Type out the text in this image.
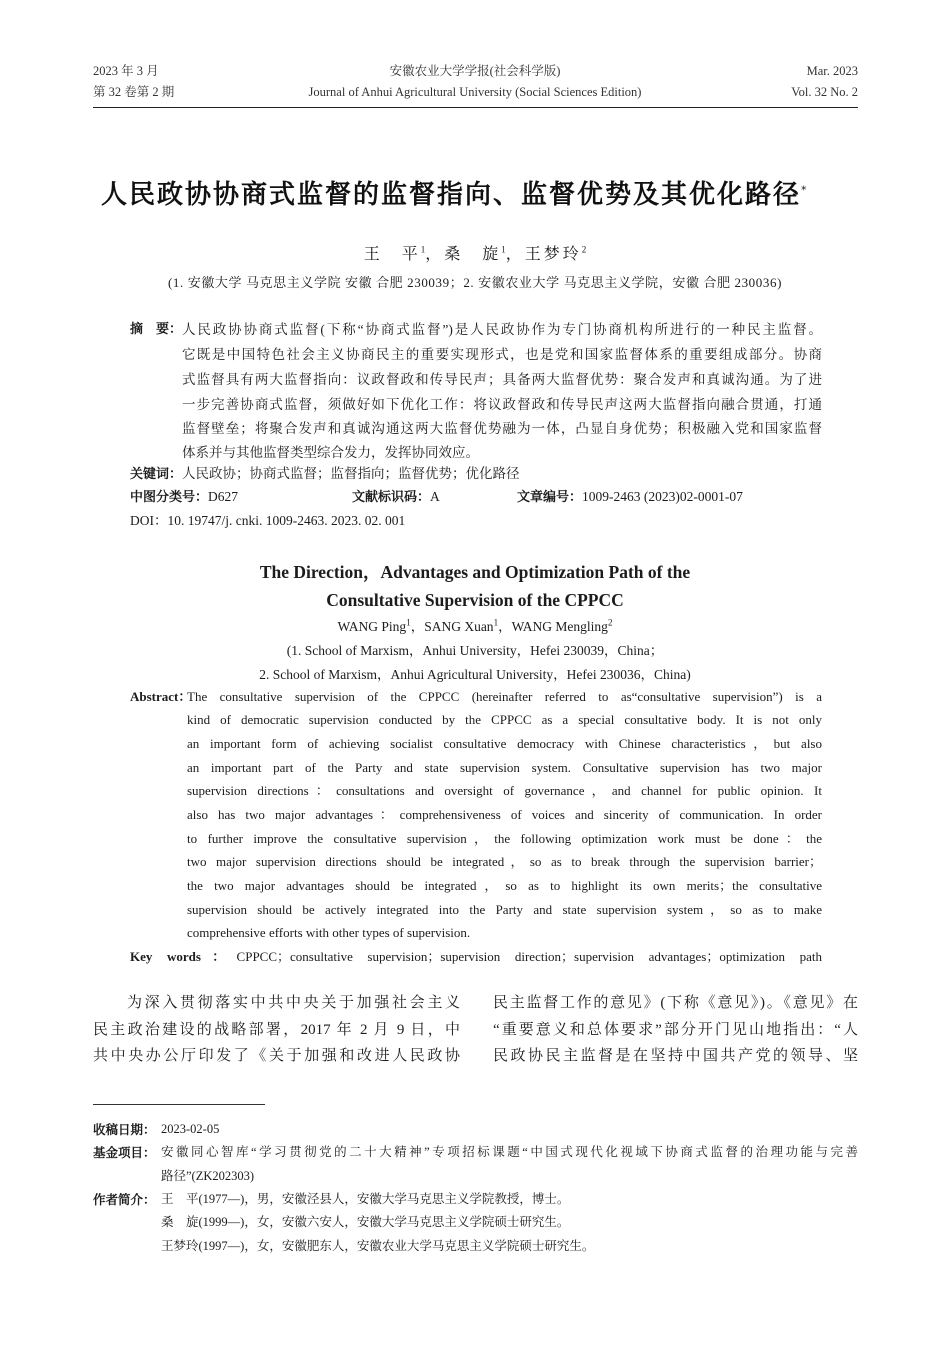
2023 年 3 月
第 32 卷第 2 期
安徽农业大学学报(社会科学版)
Journal of Anhui Agricultural University (Social Sciences Edition)
Mar. 2023
Vol. 32 No. 2
人民政协协商式监督的监督指向、监督优势及其优化路径*
王　平$^1$，桑　旋$^1$，王梦玲$^2$
(1. 安徽大学 马克思主义学院 安徽 合肥 230039；2. 安徽农业大学 马克思主义学院，安徽 合肥 230036)
摘　要： 人民政协协商式监督(下称“协商式监督”)是人民政协作为专门协商机构所进行的一种民主监督。
它既是中国特色社会主义协商民主的重要实现形式，也是党和国家监督体系的重要组成部分。协商
式监督具有两大监督指向：议政督政和传导民声；具备两大监督优势：聚合发声和真诚沟通。为了进
一步完善协商式监督，须做好如下优化工作：将议政督政和传导民声这两大监督指向融合贯通，打通
监督壁垒；将聚合发声和真诚沟通这两大监督优势融为一体，凸显自身优势；积极融入党和国家监督
体系并与其他监督类型综合发力，发挥协同效应。
关键词：人民政协；协商式监督；监督指向；监督优势；优化路径
中图分类号：D627	文献标识码：A	文章编号：1009-2463 (2023)02-0001-07
DOI：10. 19747/j. cnki. 1009-2463. 2023. 02. 001
The Direction，Advantages and Optimization Path of the
Consultative Supervision of the CPPCC
WANG Ping$^1$，SANG Xuan$^1$，WANG Mengling$^2$
(1. School of Marxism，Anhui University，Hefei 230039，China；
2. School of Marxism，Anhui Agricultural University，Hefei 230036，China)
Abstract：
The consultative supervision of the CPPCC (hereinafter referred to as“consultative supervision”) is a
kind of democratic supervision conducted by the CPPCC as a special consultative body. It is not only
an important form of achieving socialist consultative democracy with Chinese characteristics，but also
an important part of the Party and state supervision system. Consultative supervision has two major
supervision directions：consultations and oversight of governance，and channel for public opinion. It
also has two major advantages：comprehensiveness of voices and sincerity of communication. In order
to further improve the consultative supervision，the following optimization work must be done：the
two major supervision directions should be integrated，so as to break through the supervision barrier；
the two major advantages should be integrated，so as to highlight its own merits；the consultative
supervision should be actively integrated into the Party and state supervision system，so as to make
comprehensive efforts with other types of supervision.
Key words：CPPCC；consultative supervision；supervision direction；supervision advantages；optimization path
为深入贯彻落实中共中央关于加强社会主义
民主政治建设的战略部署，2017 年 2 月 9 日，中
共中央办公厅印发了《关于加强和改进人民政协
民主监督工作的意见》(下称《意见》)。《意见》在
“重要意义和总体要求”部分开门见山地指出：“人
民政协民主监督是在坚持中国共产党的领导、坚
收稿日期： 2023-02-05
基金项目： 安徽同心智库“学习贯彻党的二十大精神”专项招标课题“中国式现代化视域下协商式监督的治理功能与完善
路径”(ZK202303)
作者简介： 王　平(1977—)，男，安徽泾县人，安徽大学马克思主义学院教授，博士。
桑　旋(1999—)，女，安徽六安人，安徽大学马克思主义学院硕士研究生。
王梦玲(1997—)，女，安徽肥东人，安徽农业大学马克思主义学院硕士研究生。
